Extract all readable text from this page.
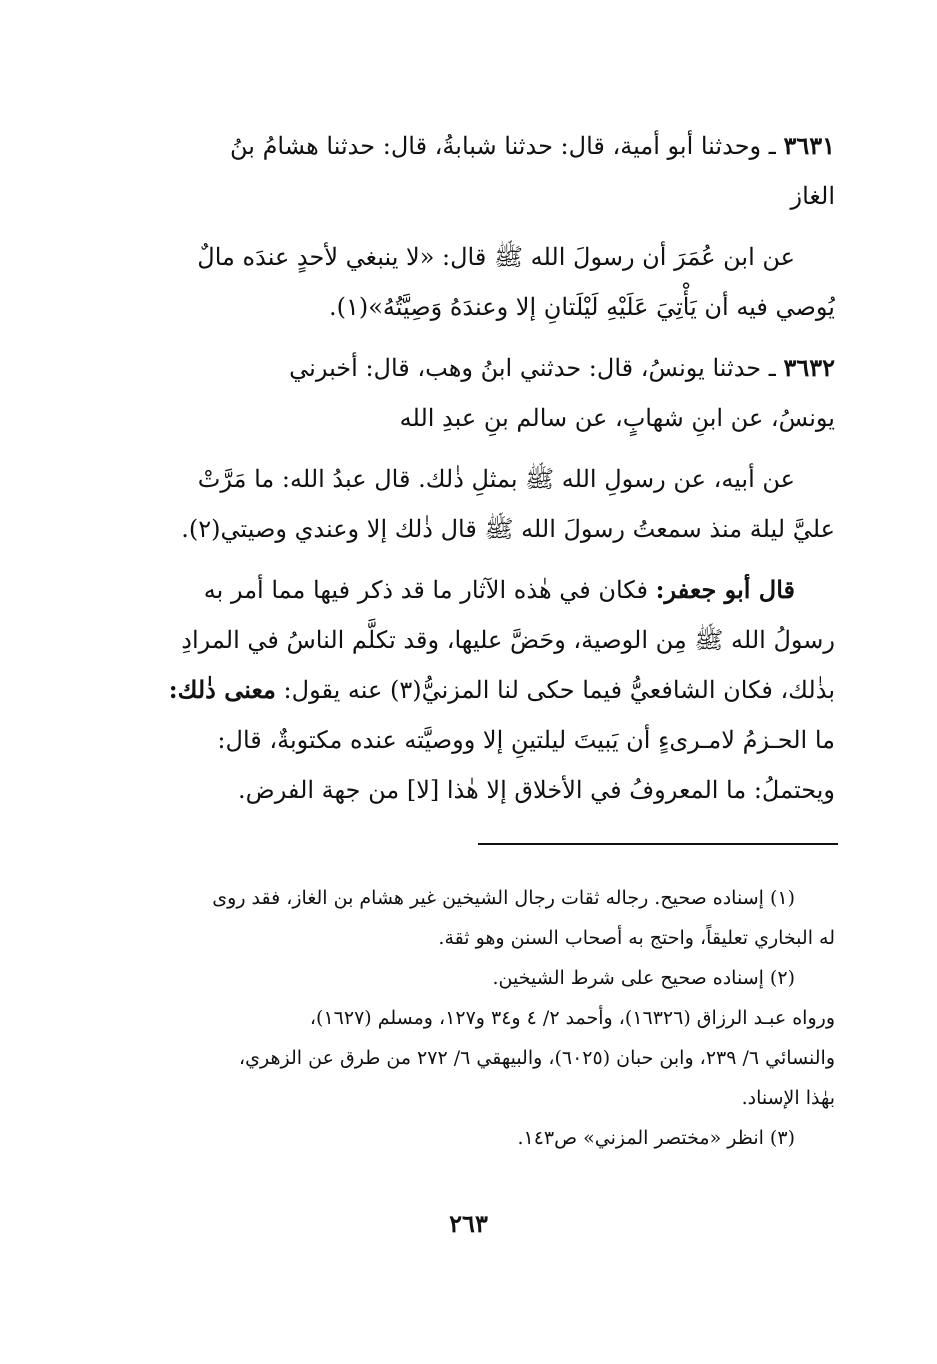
٣٦٣١ ـ وحدثنا أبو أمية، قال: حدثنا شبابةُ، قال: حدثنا هشامُ بنُ
الغاز
عن ابن عُمَرَ أن رسولَ الله ﷺ قال: «لا ينبغي لأحدٍ عندَه مالٌ
يُوصي فيه أن يَأْتِيَ عَلَيْهِ لَيْلَتانِ إلا وعندَهُ وَصِيَّتُهُ»(١).
٣٦٣٢ ـ حدثنا يونسُ، قال: حدثني ابنُ وهب، قال: أخبرني
يونسُ، عن ابنِ شهابٍ، عن سالم بنِ عبدِ الله
عن أبيه، عن رسولِ الله ﷺ بمثلِ ذٰلك. قال عبدُ الله: ما مَرَّتْ
عليَّ ليلة منذ سمعتُ رسولَ الله ﷺ قال ذٰلك إلا وعندي وصيتي(٢).
قال أبو جعفر: فكان في هٰذه الآثار ما قد ذكر فيها مما أمر به
رسولُ الله ﷺ مِن الوصية، وحَضَّ عليها، وقد تكلَّم الناسُ في المرادِ
بذٰلك، فكان الشافعيُّ فيما حكى لنا المزنيُّ(٣) عنه يقول: معنى ذٰلك:
ما الحـزمُ لامـرىءٍ أن يَبيتَ ليلتينِ إلا ووصيَّته عنده مكتوبةٌ، قال:
ويحتملُ: ما المعروفُ في الأخلاق إلا هٰذا [لا] من جهة الفرض.
(١) إسناده صحيح. رجاله ثقات رجال الشيخين غير هشام بن الغاز، فقد روى
له البخاري تعليقاً، واحتج به أصحاب السنن وهو ثقة.
(٢) إسناده صحيح على شرط الشيخين.
ورواه عبـد الرزاق (١٦٣٢٦)، وأحمد ٢/ ٤ و٣٤ و١٢٧، ومسلم (١٦٢٧)،
والنسائي ٦/ ٢٣٩، وابن حبان (٦٠٢٥)، والبيهقي ٦/ ٢٧٢ من طرق عن الزهري،
بهٰذا الإسناد.
(٣) انظر «مختصر المزني» ص١٤٣.
٢٦٣
